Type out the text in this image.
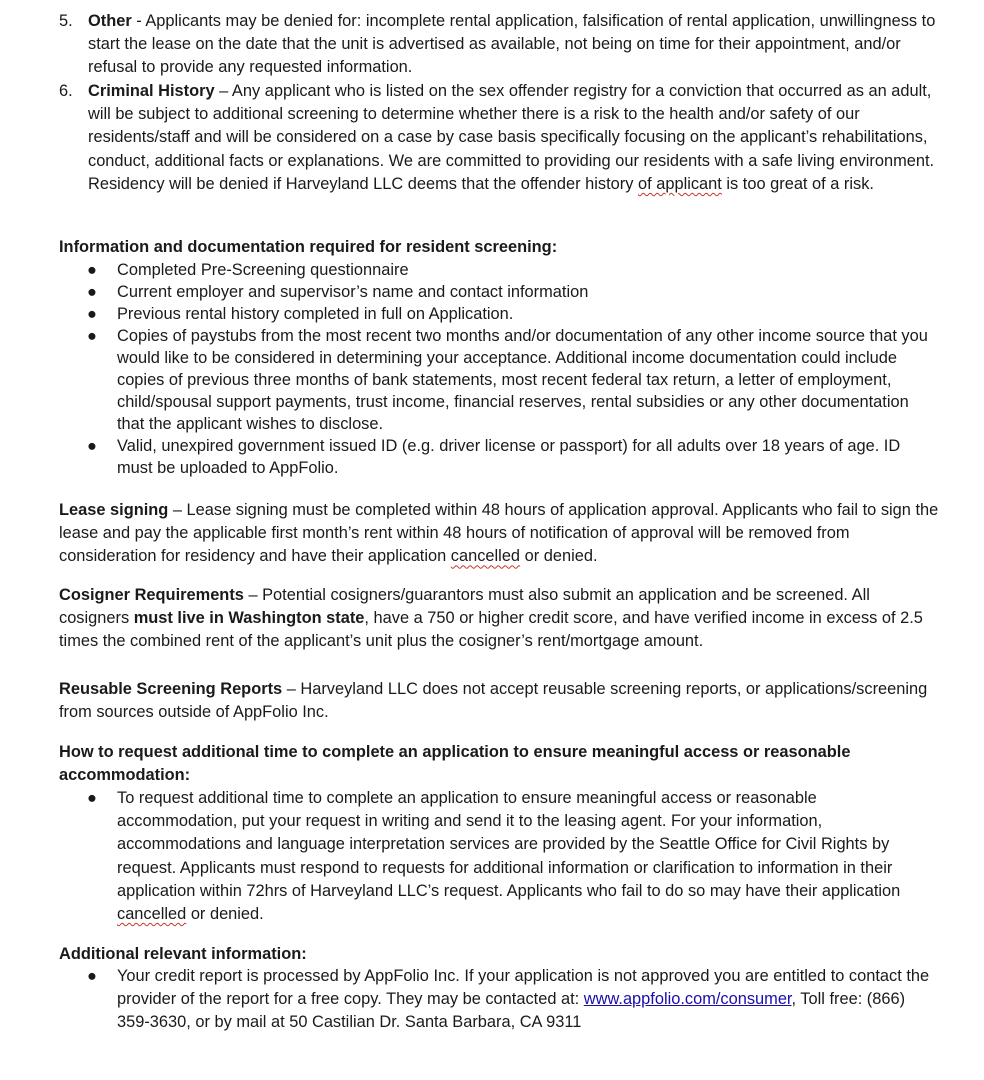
5. Other - Applicants may be denied for: incomplete rental application, falsification of rental application, unwillingness to start the lease on the date that the unit is advertised as available, not being on time for their appointment, and/or refusal to provide any requested information.
6. Criminal History – Any applicant who is listed on the sex offender registry for a conviction that occurred as an adult, will be subject to additional screening to determine whether there is a risk to the health and/or safety of our residents/staff and will be considered on a case by case basis specifically focusing on the applicant’s rehabilitations, conduct, additional facts or explanations. We are committed to providing our residents with a safe living environment. Residency will be denied if Harveyland LLC deems that the offender history of applicant is too great of a risk.
Information and documentation required for resident screening:
● Completed Pre-Screening questionnaire
● Current employer and supervisor’s name and contact information
● Previous rental history completed in full on Application.
● Copies of paystubs from the most recent two months and/or documentation of any other income source that you would like to be considered in determining your acceptance. Additional income documentation could include copies of previous three months of bank statements, most recent federal tax return, a letter of employment, child/spousal support payments, trust income, financial reserves, rental subsidies or any other documentation that the applicant wishes to disclose.
● Valid, unexpired government issued ID (e.g. driver license or passport) for all adults over 18 years of age. ID must be uploaded to AppFolio.
Lease signing – Lease signing must be completed within 48 hours of application approval. Applicants who fail to sign the lease and pay the applicable first month’s rent within 48 hours of notification of approval will be removed from consideration for residency and have their application cancelled or denied.
Cosigner Requirements – Potential cosigners/guarantors must also submit an application and be screened. All cosigners must live in Washington state, have a 750 or higher credit score, and have verified income in excess of 2.5 times the combined rent of the applicant’s unit plus the cosigner’s rent/mortgage amount.
Reusable Screening Reports – Harveyland LLC does not accept reusable screening reports, or applications/screening from sources outside of AppFolio Inc.
How to request additional time to complete an application to ensure meaningful access or reasonable accommodation:
● To request additional time to complete an application to ensure meaningful access or reasonable accommodation, put your request in writing and send it to the leasing agent. For your information, accommodations and language interpretation services are provided by the Seattle Office for Civil Rights by request. Applicants must respond to requests for additional information or clarification to information in their application within 72hrs of Harveyland LLC’s request. Applicants who fail to do so may have their application cancelled or denied.
Additional relevant information:
● Your credit report is processed by AppFolio Inc. If your application is not approved you are entitled to contact the provider of the report for a free copy. They may be contacted at: www.appfolio.com/consumer, Toll free: (866) 359-3630, or by mail at 50 Castilian Dr. Santa Barbara, CA 9311
